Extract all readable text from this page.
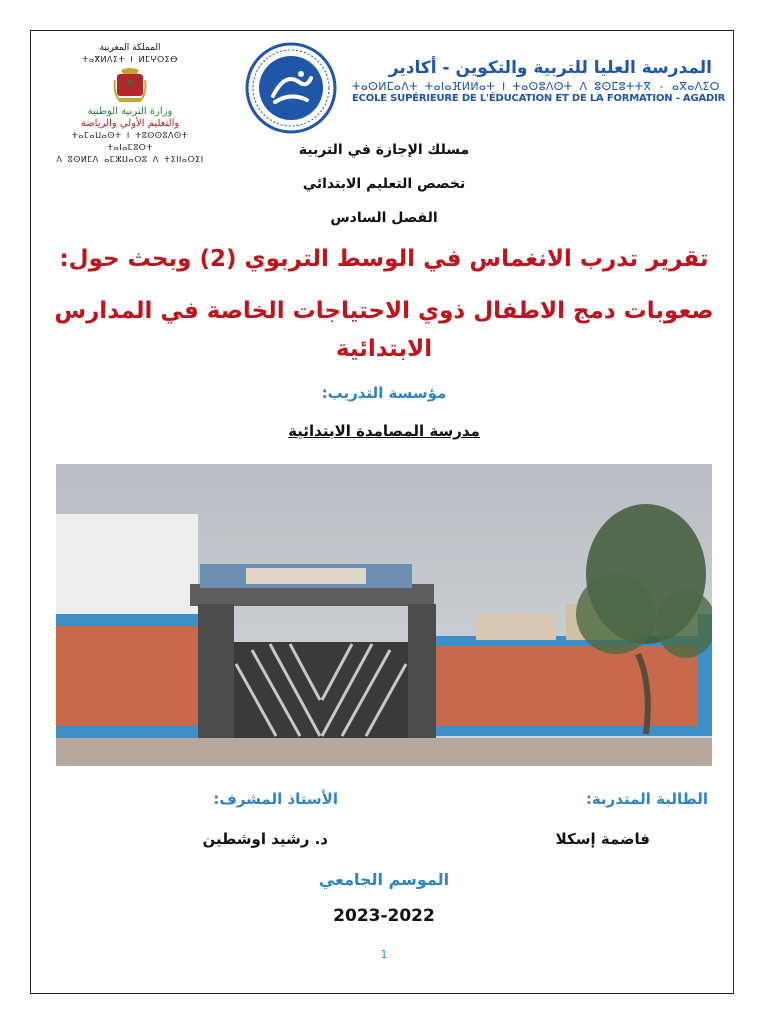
المملكة المغربية
ⵜⴰⴳⵍⴷⵉⵜ ⵏ ⵍⵎⵖⵔⵉⴱ
وزارة التربية الوطنية
والتعليم الأولي والرياضة
ⵜⴰⵎⴰⵡⴰⵙⵜ ⵏ ⵜⵓⵙⵙⵓⴷⵙⵜ ⵜⴰⵏⴰⵎⵓⵔⵜ
ⴷ ⵓⵙⵍⵎⴷ ⴰⵎⵣⵡⴰⵔⵓ ⴷ ⵜⵉⵏⵏⴰⵔⵉⵏ
المدرسة العليا للتربية والتكوين - أكادير
ⵜⴰⵙⵍⵎⴰⴷⵜ ⵜⴰⵏⴰⴼⵍⵍⴰⵜ ⵏ ⵜⴰⵙⵓⴷⵙⵜ ⴷ ⵓⵙⵎⵓⵜⵜⴳ - ⴰⴳⴰⴷⵉⵔ
ECOLE SUPÉRIEURE DE L'ÉDUCATION ET DE LA FORMATION - AGADIR
مسلك الإجازة في التربية
تخصص التعليم الابتدائي
الفصل السادس
تقرير تدرب الانغماس في الوسط التربوي (2) وبحث حول:
صعوبات دمج الاطفال ذوي الاحتياجات الخاصة في المدارس
الابتدائية
مؤسسة التدريب:
مدرسة المصامدة الابتدائية
الطالبة المتدربة:
الأستاذ المشرف:
فاضمة إسكلا
د. رشيد اوشطين
الموسم الجامعي
2023-2022
1
